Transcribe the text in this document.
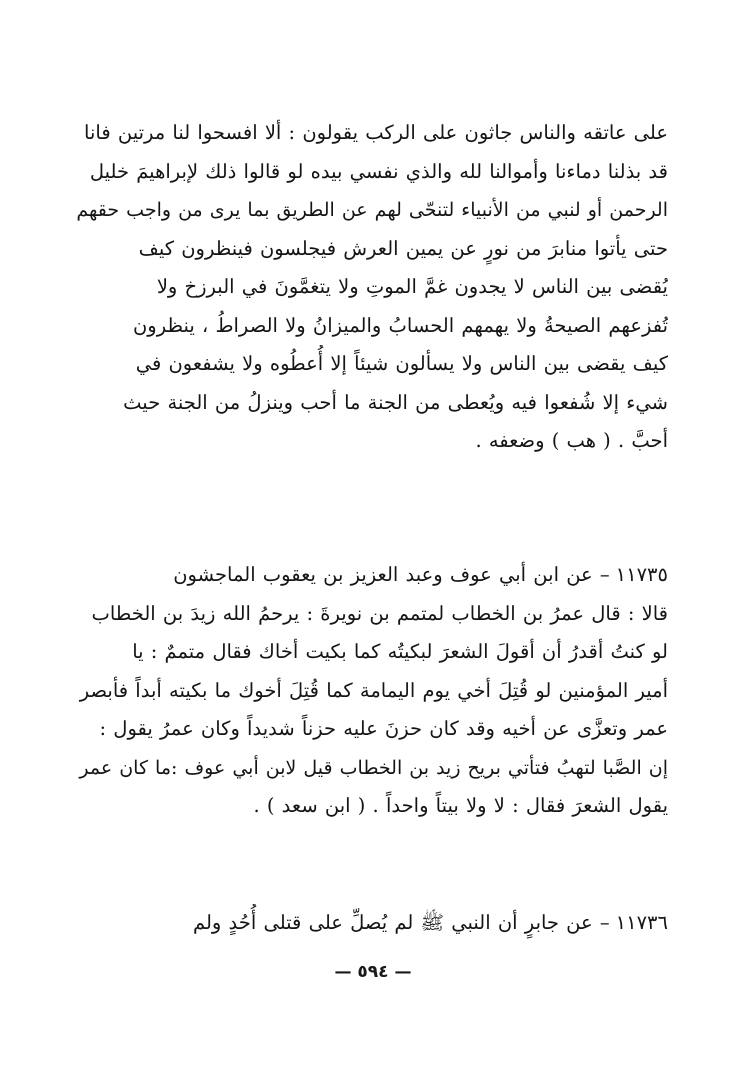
على عاتقه والناس جاثون على الركب يقولون : ألا افسحوا لنا مرتين فانا
قد بذلنا دماءنا وأموالنا لله والذي نفسي بيده لو قالوا ذلك لإبراهيمَ خليل
الرحمن أو لنبي من الأنبياء لتنحّى لهم عن الطريق بما يرى من واجب حقهم
حتى يأتوا منابرَ من نورٍ عن يمين العرش فيجلسون فينظرون كيف
يُقضى بين الناس لا يجدون غمَّ الموتِ ولا يتغمَّونَ في البرزخ ولا
تُفزعهم الصيحةُ ولا يهمهم الحسابُ والميزانُ ولا الصراطُ ، ينظرون
كيف يقضى بين الناس ولا يسألون شيئاً إلا أُعطُوه ولا يشفعون في
شيء إلا شُفعوا فيه ويُعطى من الجنة ما أحب وينزلُ من الجنة حيث
أحبَّ . ( هب ) وضعفه .
١١٧٣٥– عن ابن أبي عوف وعبد العزيز بن يعقوب الماجشون
قالا : قال عمرُ بن الخطاب لمتمم بن نويرةَ : يرحمُ الله زيدَ بن الخطاب
لو كنتُ أقدرُ أن أقولَ الشعرَ لبكيتُه كما بكيت أخاك فقال متممٌ : يا
أمير المؤمنين لو قُتِلَ أخي يوم اليمامة كما قُتِلَ أخوك ما بكيته أبداً فأبصر
عمر وتعزَّى عن أخيه وقد كان حزنَ عليه حزناً شديداً وكان عمرُ يقول :
إن الصَّبا لتهبُ فتأتي بريح زيد بن الخطاب قيل لابن أبي عوف :ما كان عمر
يقول الشعرَ فقال : لا ولا بيتاً واحداً . ( ابن سعد ) .
١١٧٣٦– عن جابرٍ أن النبي ﷺ لم يُصلِّ على قتلى أُحُدٍ ولم
— ٥٩٤ —
